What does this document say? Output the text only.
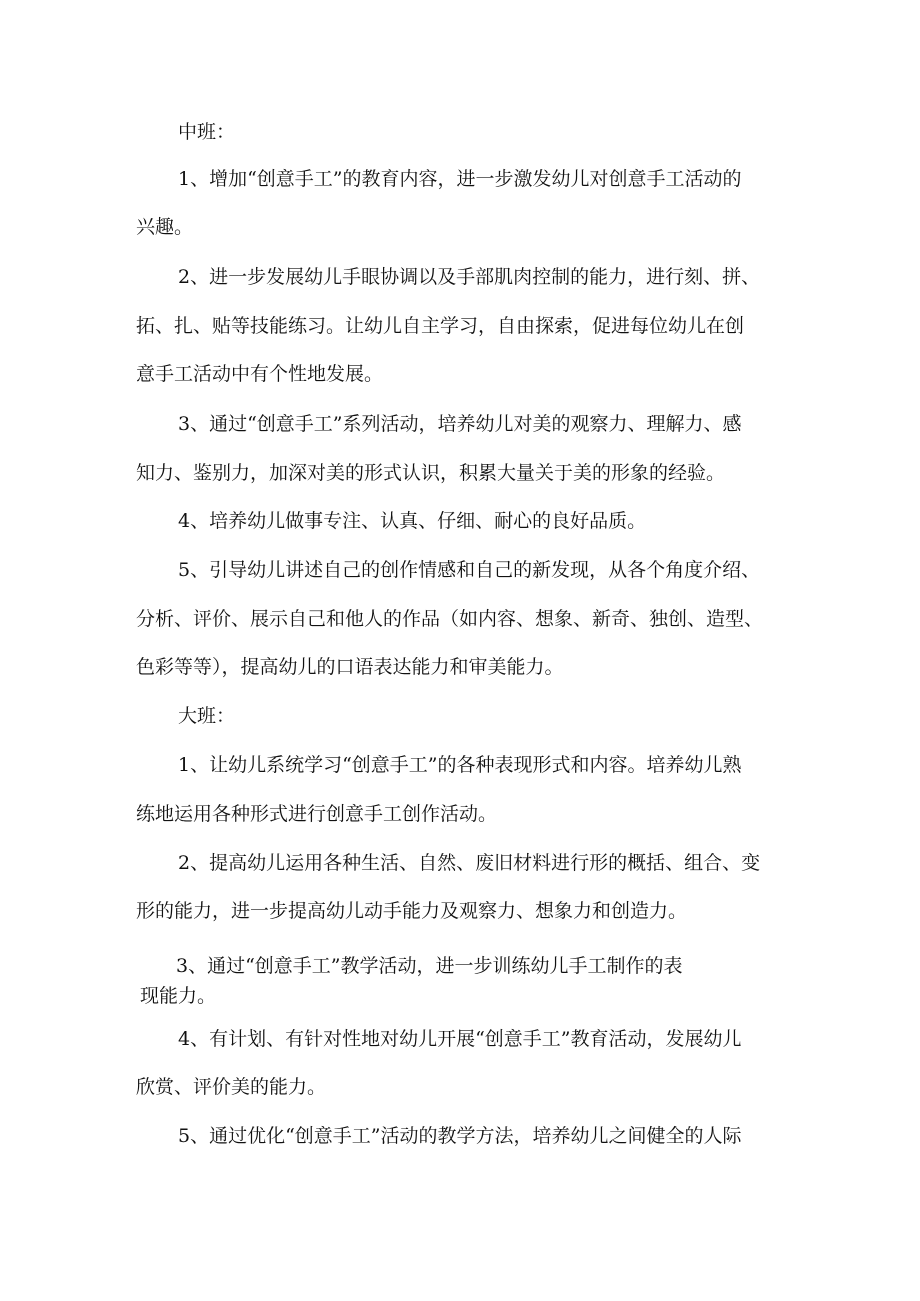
中班：
1、增加“创意手工”的教育内容，进一步激发幼儿对创意手工活动的
兴趣。
2、进一步发展幼儿手眼协调以及手部肌肉控制的能力，进行刻、拼、
拓、扎、贴等技能练习。让幼儿自主学习，自由探索，促进每位幼儿在创
意手工活动中有个性地发展。
3、通过“创意手工”系列活动，培养幼儿对美的观察力、理解力、感
知力、鉴别力，加深对美的形式认识，积累大量关于美的形象的经验。
4、培养幼儿做事专注、认真、仔细、耐心的良好品质。
5、引导幼儿讲述自己的创作情感和自己的新发现，从各个角度介绍、
分析、评价、展示自己和他人的作品（如内容、想象、新奇、独创、造型、
色彩等等），提高幼儿的口语表达能力和审美能力。
大班：
1、让幼儿系统学习“创意手工”的各种表现形式和内容。培养幼儿熟
练地运用各种形式进行创意手工创作活动。
2、提高幼儿运用各种生活、自然、废旧材料进行形的概括、组合、变
形的能力，进一步提高幼儿动手能力及观察力、想象力和创造力。
3、通过“创意手工”教学活动，进一步训练幼儿手工制作的表
现能力。
4、有计划、有针对性地对幼儿开展“创意手工”教育活动，发展幼儿
欣赏、评价美的能力。
5、通过优化“创意手工”活动的教学方法，培养幼儿之间健全的人际
